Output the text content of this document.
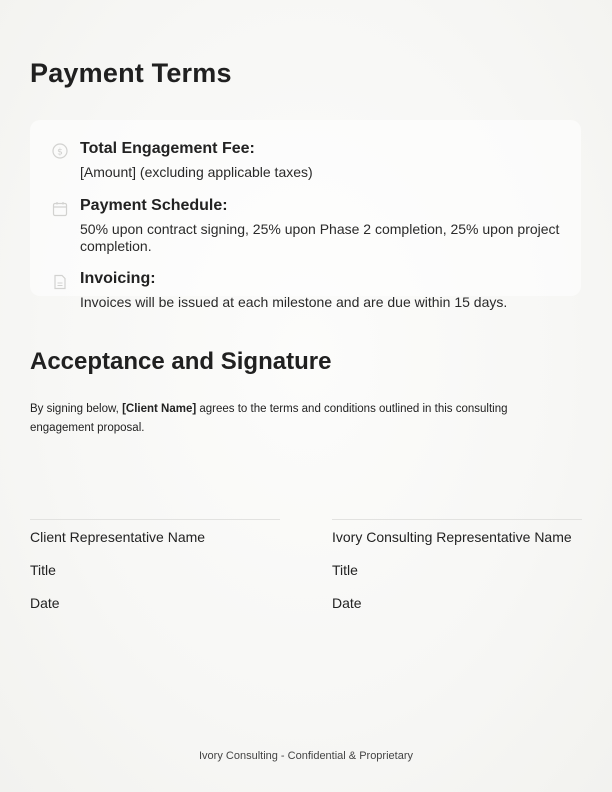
Payment Terms
$ Total Engagement Fee:

[Amount] (excluding applicable taxes)

Payment Schedule:

50% upon contract signing, 25% upon Phase 2 completion, 25% upon project completion.

Invoicing:

Invoices will be issued at each milestone and are due within 15 days.

Acceptance and Signature

By signing below, [Client Name] agrees to the terms and conditions outlined in this consulting engagement proposal.

Client Representative Name
Title
Date
Ivory Consulting Representative Name
Title
Date
Ivory Consulting - Confidential & Proprietary
